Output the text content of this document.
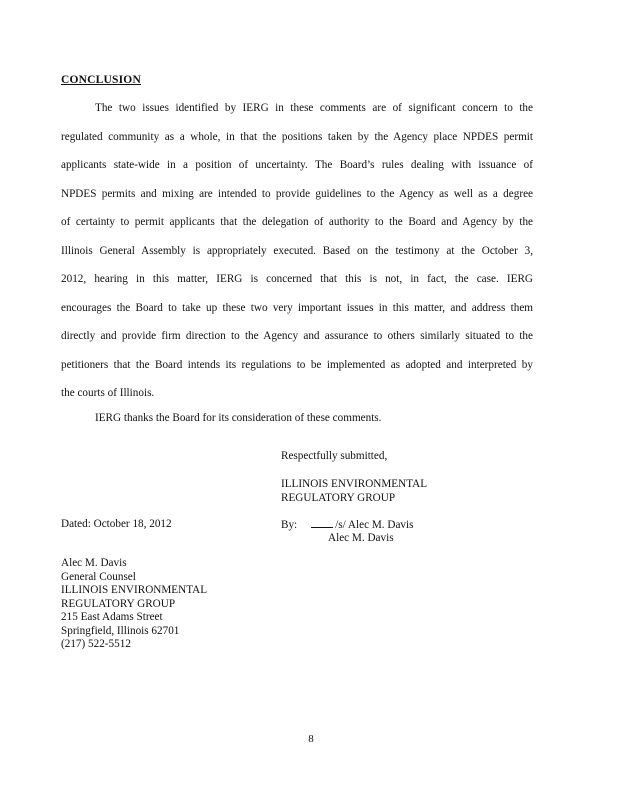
CONCLUSION
The two issues identified by IERG in these comments are of significant concern to the
regulated community as a whole, in that the positions taken by the Agency place NPDES permit
applicants state-wide in a position of uncertainty. The Board’s rules dealing with issuance of
NPDES permits and mixing are intended to provide guidelines to the Agency as well as a degree
of certainty to permit applicants that the delegation of authority to the Board and Agency by the
Illinois General Assembly is appropriately executed. Based on the testimony at the October 3,
2012, hearing in this matter, IERG is concerned that this is not, in fact, the case. IERG
encourages the Board to take up these two very important issues in this matter, and address them
directly and provide firm direction to the Agency and assurance to others similarly situated to the
petitioners that the Board intends its regulations to be implemented as adopted and interpreted by
the courts of Illinois.
IERG thanks the Board for its consideration of these comments.
Respectfully submitted,
ILLINOIS ENVIRONMENTAL
REGULATORY GROUP
Dated: October 18, 2012	By:	/s/ Alec M. Davis
Alec M. Davis
Alec M. Davis
General Counsel
ILLINOIS ENVIRONMENTAL
REGULATORY GROUP
215 East Adams Street
Springfield, Illinois 62701
(217) 522-5512
8
